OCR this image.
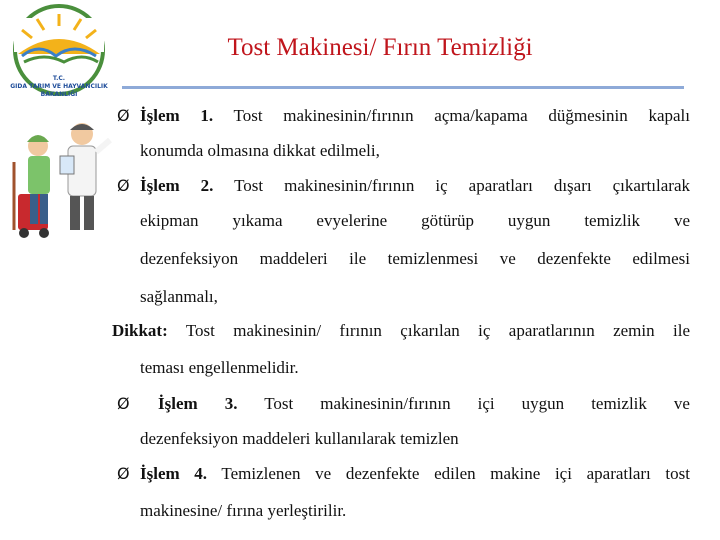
T.C.
GIDA TARIM VE HAYVANCILIK
BAKANLIĞI
Tost Makinesi/ Fırın Temizliği
Ø İşlem 1. Tost makinesinin/fırının açma/kapama düğmesinin kapalı
konumda olmasına dikkat edilmeli,
Ø İşlem 2. Tost makinesinin/fırının iç aparatları dışarı çıkartılarak
ekipman yıkama evyelerine götürüp uygun temizlik ve
dezenfeksiyon maddeleri ile temizlenmesi ve dezenfekte edilmesi
sağlanmalı,
Dikkat: Tost makinesinin/ fırının çıkarılan iç aparatlarının zemin ile
teması engellenmelidir.
Ø İşlem 3. Tost makinesinin/fırının içi uygun temizlik ve
dezenfeksiyon maddeleri kullanılarak temizlen
Ø İşlem 4. Temizlenen ve dezenfekte edilen makine içi aparatları tost
makinesine/ fırına yerleştirilir.
